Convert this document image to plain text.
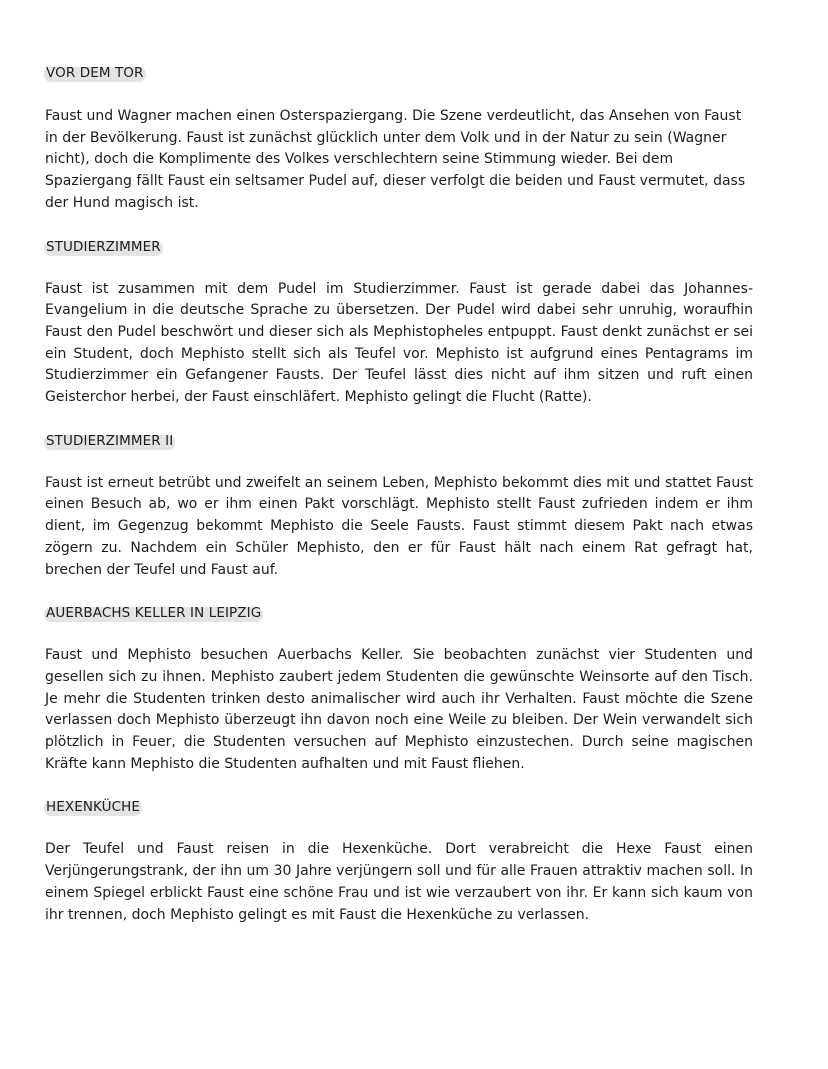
VOR DEM TOR

Faust und Wagner machen einen Osterspaziergang. Die Szene verdeutlicht, das Ansehen von Faust in der Bevölkerung. Faust ist zunächst glücklich unter dem Volk und in der Natur zu sein (Wagner nicht), doch die Komplimente des Volkes verschlechtern seine Stimmung wieder. Bei dem Spaziergang fällt Faust ein seltsamer Pudel auf, dieser verfolgt die beiden und Faust vermutet, dass der Hund magisch ist.

STUDIERZIMMER

Faust ist zusammen mit dem Pudel im Studierzimmer. Faust ist gerade dabei das Johannes-Evangelium in die deutsche Sprache zu übersetzen. Der Pudel wird dabei sehr unruhig, woraufhin Faust den Pudel beschwört und dieser sich als Mephistopheles entpuppt. Faust denkt zunächst er sei ein Student, doch Mephisto stellt sich als Teufel vor. Mephisto ist aufgrund eines Pentagrams im Studierzimmer ein Gefangener Fausts. Der Teufel lässt dies nicht auf ihm sitzen und ruft einen Geisterchor herbei, der Faust einschläfert. Mephisto gelingt die Flucht (Ratte).

STUDIERZIMMER II

Faust ist erneut betrübt und zweifelt an seinem Leben, Mephisto bekommt dies mit und stattet Faust einen Besuch ab, wo er ihm einen Pakt vorschlägt. Mephisto stellt Faust zufrieden indem er ihm dient, im Gegenzug bekommt Mephisto die Seele Fausts. Faust stimmt diesem Pakt nach etwas zögern zu. Nachdem ein Schüler Mephisto, den er für Faust hält nach einem Rat gefragt hat, brechen der Teufel und Faust auf.

AUERBACHS KELLER IN LEIPZIG

Faust und Mephisto besuchen Auerbachs Keller. Sie beobachten zunächst vier Studenten und gesellen sich zu ihnen. Mephisto zaubert jedem Studenten die gewünschte Weinsorte auf den Tisch. Je mehr die Studenten trinken desto animalischer wird auch ihr Verhalten. Faust möchte die Szene verlassen doch Mephisto überzeugt ihn davon noch eine Weile zu bleiben. Der Wein verwandelt sich plötzlich in Feuer, die Studenten versuchen auf Mephisto einzustechen. Durch seine magischen Kräfte kann Mephisto die Studenten aufhalten und mit Faust fliehen.

HEXENKÜCHE

Der Teufel und Faust reisen in die Hexenküche. Dort verabreicht die Hexe Faust einen Verjüngerungstrank, der ihn um 30 Jahre verjüngern soll und für alle Frauen attraktiv machen soll. In einem Spiegel erblickt Faust eine schöne Frau und ist wie verzaubert von ihr. Er kann sich kaum von ihr trennen, doch Mephisto gelingt es mit Faust die Hexenküche zu verlassen.
